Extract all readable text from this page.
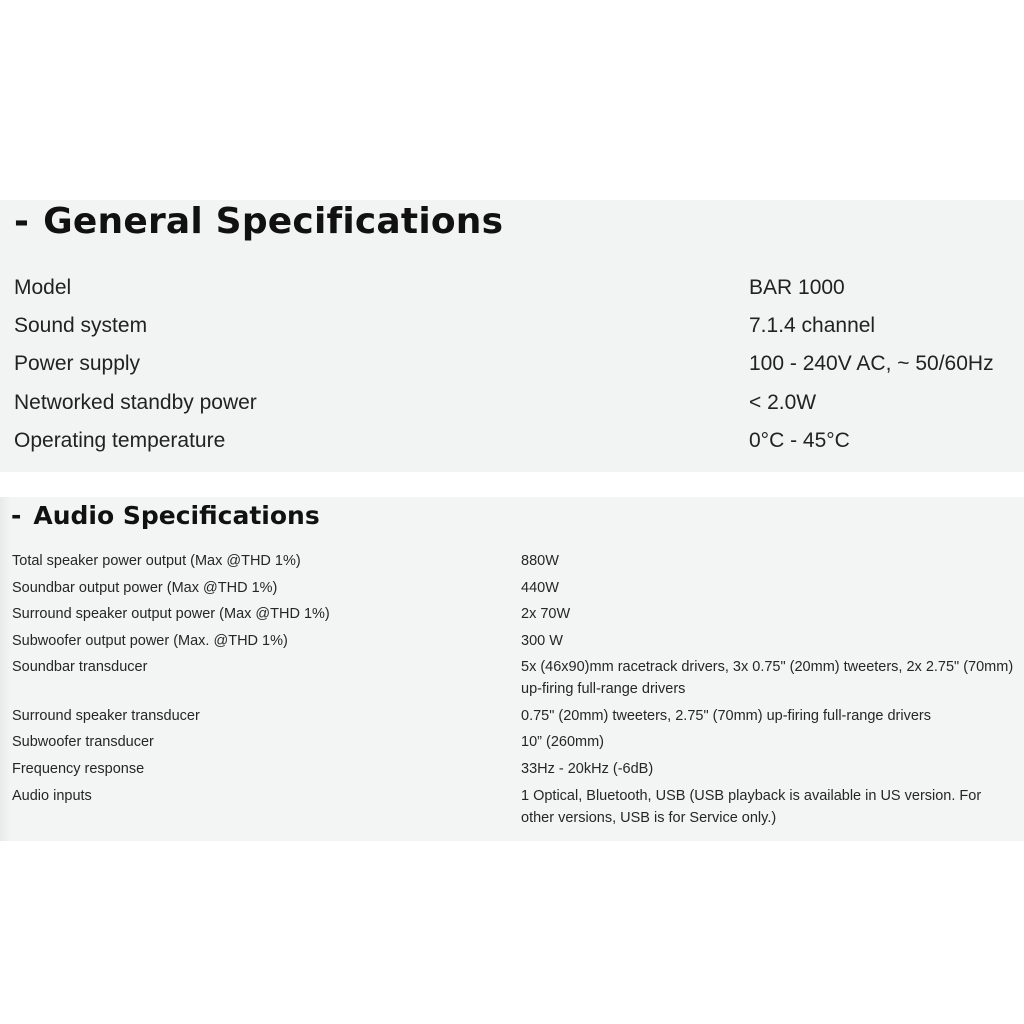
- General Specifications
Model	BAR 1000
Sound system	7.1.4 channel
Power supply	100 - 240V AC, ~ 50/60Hz
Networked standby power	< 2.0W
Operating temperature	0°C - 45°C
- Audio Specifications
Total speaker power output (Max @THD 1%)	880W
Soundbar output power (Max @THD 1%)	440W
Surround speaker output power (Max @THD 1%)	2x 70W
Subwoofer output power (Max. @THD 1%)	300 W
Soundbar transducer	5x (46x90)mm racetrack drivers, 3x 0.75" (20mm) tweeters, 2x 2.75" (70mm) up-firing full-range drivers
Surround speaker transducer	0.75" (20mm) tweeters, 2.75" (70mm) up-firing full-range drivers
Subwoofer transducer	10” (260mm)
Frequency response	33Hz - 20kHz (-6dB)
Audio inputs	1 Optical, Bluetooth, USB (USB playback is available in US version. For other versions, USB is for Service only.)
